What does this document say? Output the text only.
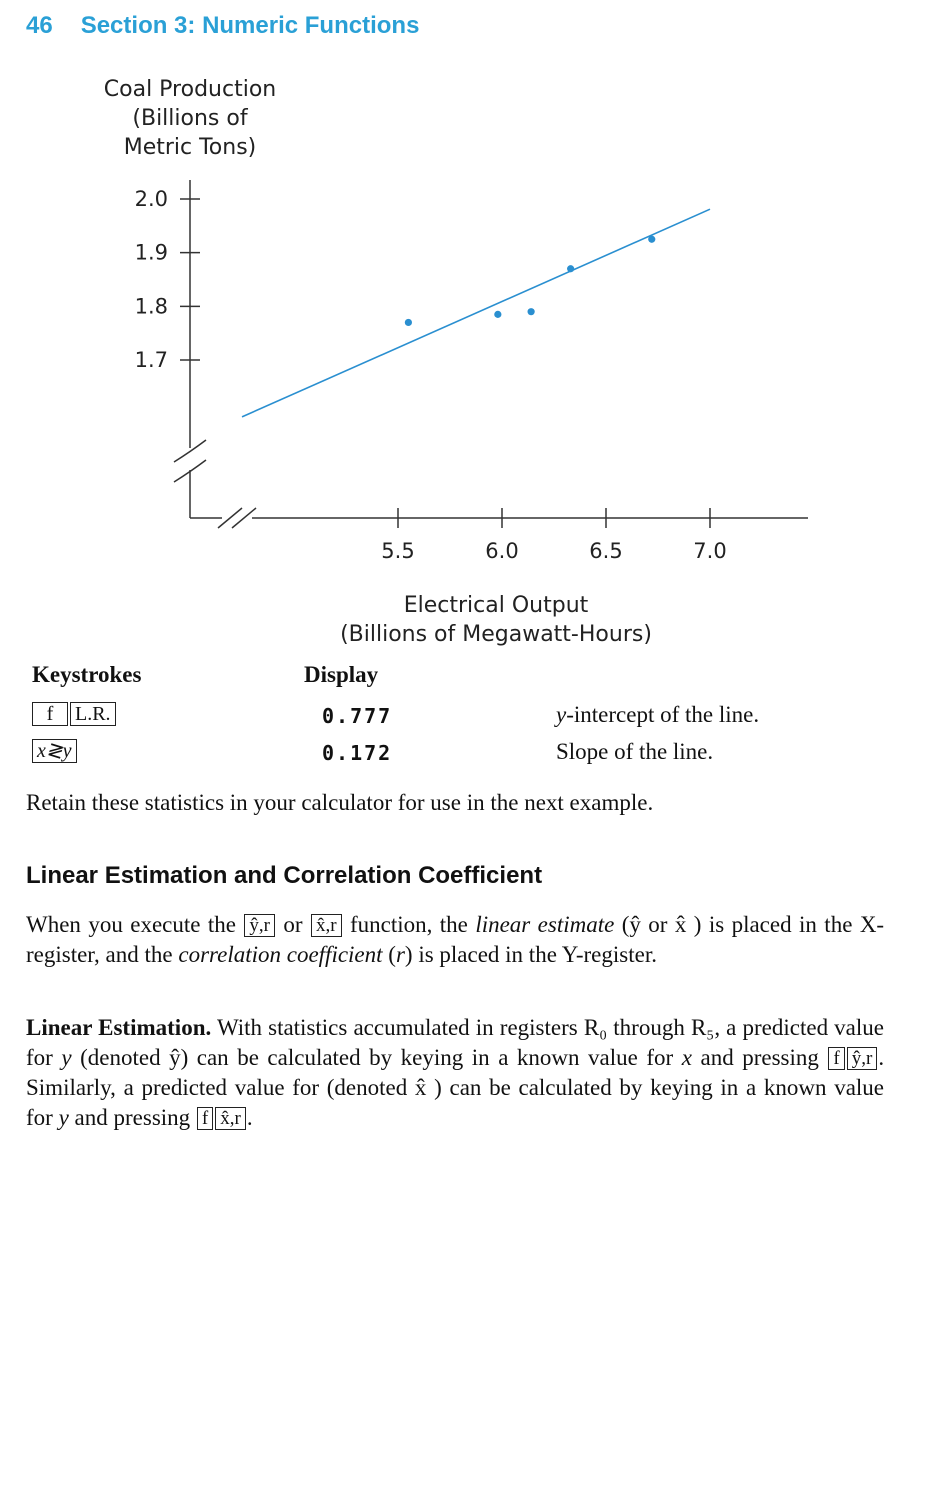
46 Section 3: Numeric Functions
Coal Production
(Billions of
Metric Tons)
2.0
1.9
1.8
1.7
5.5	6.0	6.5	7.0
Electrical Output
(Billions of Megawatt-Hours)
Keystrokes	Display
f	L.R.	0.777	y-intercept of the line.
x≷y	0.172	Slope of the line.
Retain these statistics in your calculator for use in the next example.
Linear Estimation and Correlation Coefficient
When you execute the ŷ,r or x̂,r function, the linear estimate (ŷ or x̂ ) is placed in the X-register, and the correlation coefficient (r) is placed in the Y-register.
Linear Estimation. With statistics accumulated in registers R₀ through R₅, a predicted value for y (denoted ŷ) can be calculated by keying in a known value for x and pressing f ŷ,r . Similarly, a predicted value for (denoted x̂ ) can be calculated by keying in a known value for y and pressing f x̂,r .
